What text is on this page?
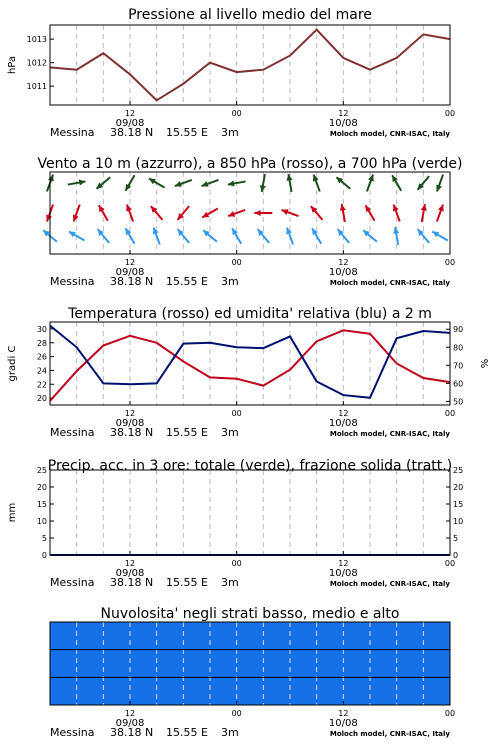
Pressione al livello medio del mare
12	00	12	00
09/08	10/08
Messina 38.18 N 15.55 E 3m	Moloch model, CNR-ISAC, Italy
1011
1012
1013
hPa
Vento a 10 m (azzurro), a 850 hPa (rosso), a 700 hPa (verde)
12	00	12	00
09/08	10/08
Messina 38.18 N 15.55 E 3m	Moloch model, CNR-ISAC, Italy
Temperatura (rosso) ed umidita' relativa (blu) a 2 m
12	00	12	00
09/08	10/08
Messina 38.18 N 15.55 E 3m	Moloch model, CNR-ISAC, Italy
20
22
24
26
28
30
50
60
70
80
90
gradi C	%
Precip. acc. in 3 ore: totale (verde), frazione solida (tratt.)
12	00	12	00
09/08	10/08
Messina 38.18 N 15.55 E 3m	Moloch model, CNR-ISAC, Italy
0	0
5	5
10	10
15	15
20	20
25	25
mm
Nuvolosita' negli strati basso, medio e alto
12	00	12	00
09/08	10/08
Messina 38.18 N 15.55 E 3m	Moloch model, CNR-ISAC, Italy
